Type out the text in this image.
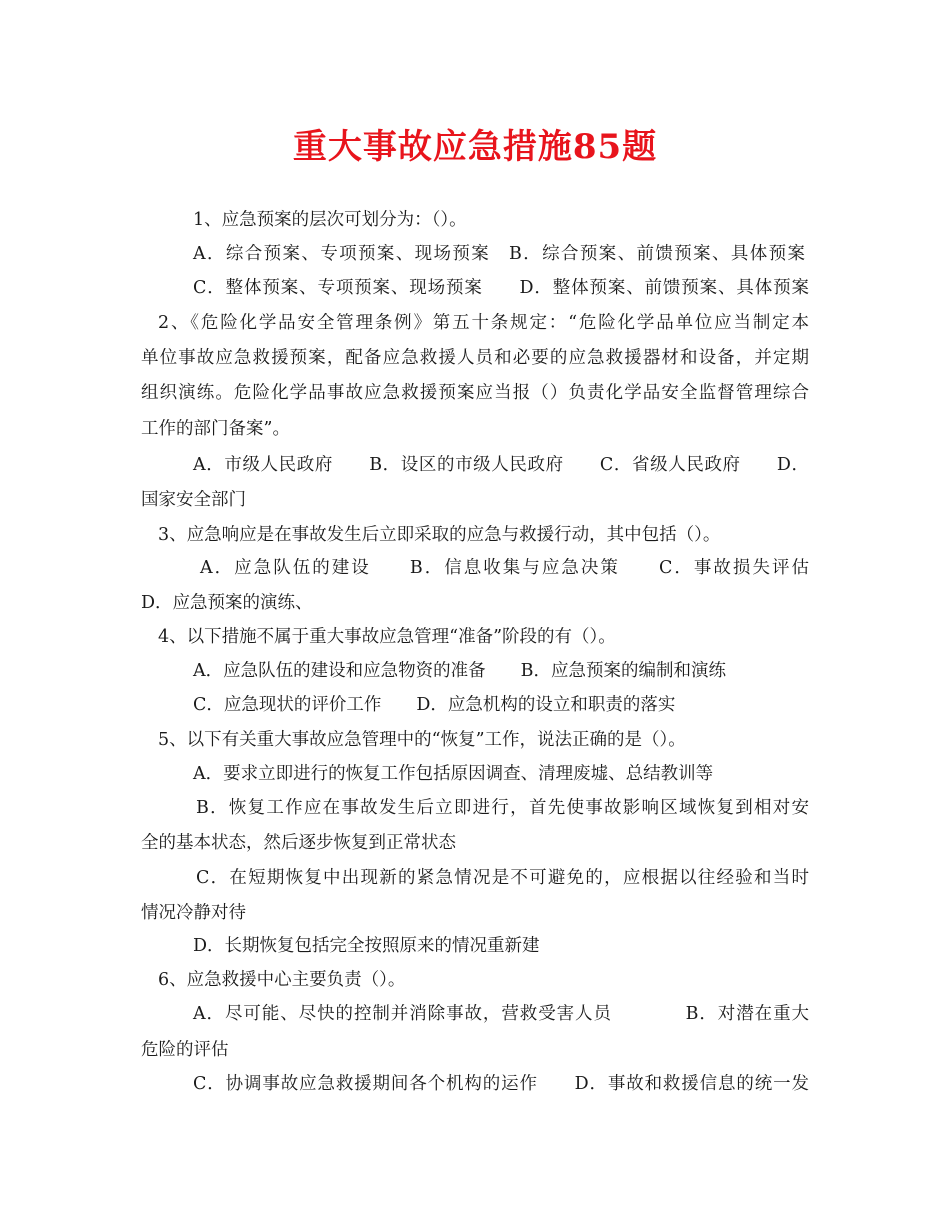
重大事故应急措施85题
1、应急预案的层次可划分为：（）。
A．综合预案、专项预案、现场预案　B．综合预案、前馈预案、具体预案
C．整体预案、专项预案、现场预案　　D．整体预案、前馈预案、具体预案
2、《危险化学品安全管理条例》第五十条规定：“危险化学品单位应当制定本
单位事故应急救援预案，配备应急救援人员和必要的应急救援器材和设备，并定期
组织演练。危险化学品事故应急救援预案应当报（）负责化学品安全监督管理综合
工作的部门备案”。
A．市级人民政府　　B．设区的市级人民政府　　C．省级人民政府　　D．
国家安全部门
3、应急响应是在事故发生后立即采取的应急与救援行动，其中包括（）。
A．应急队伍的建设　　B．信息收集与应急决策　　C．事故损失评估
D．应急预案的演练、
4、以下措施不属于重大事故应急管理“准备”阶段的有（）。
A．应急队伍的建设和应急物资的准备　　B．应急预案的编制和演练
C．应急现状的评价工作　　D．应急机构的设立和职责的落实
5、以下有关重大事故应急管理中的“恢复”工作，说法正确的是（）。
A．要求立即进行的恢复工作包括原因调查、清理废墟、总结教训等
B．恢复工作应在事故发生后立即进行，首先使事故影响区域恢复到相对安
全的基本状态，然后逐步恢复到正常状态
C．在短期恢复中出现新的紧急情况是不可避免的，应根据以往经验和当时
情况冷静对待
D．长期恢复包括完全按照原来的情况重新建
6、应急救援中心主要负责（）。
A．尽可能、尽快的控制并消除事故，营救受害人员　　　　B．对潜在重大
危险的评估
C．协调事故应急救援期间各个机构的运作　　D．事故和救援信息的统一发
